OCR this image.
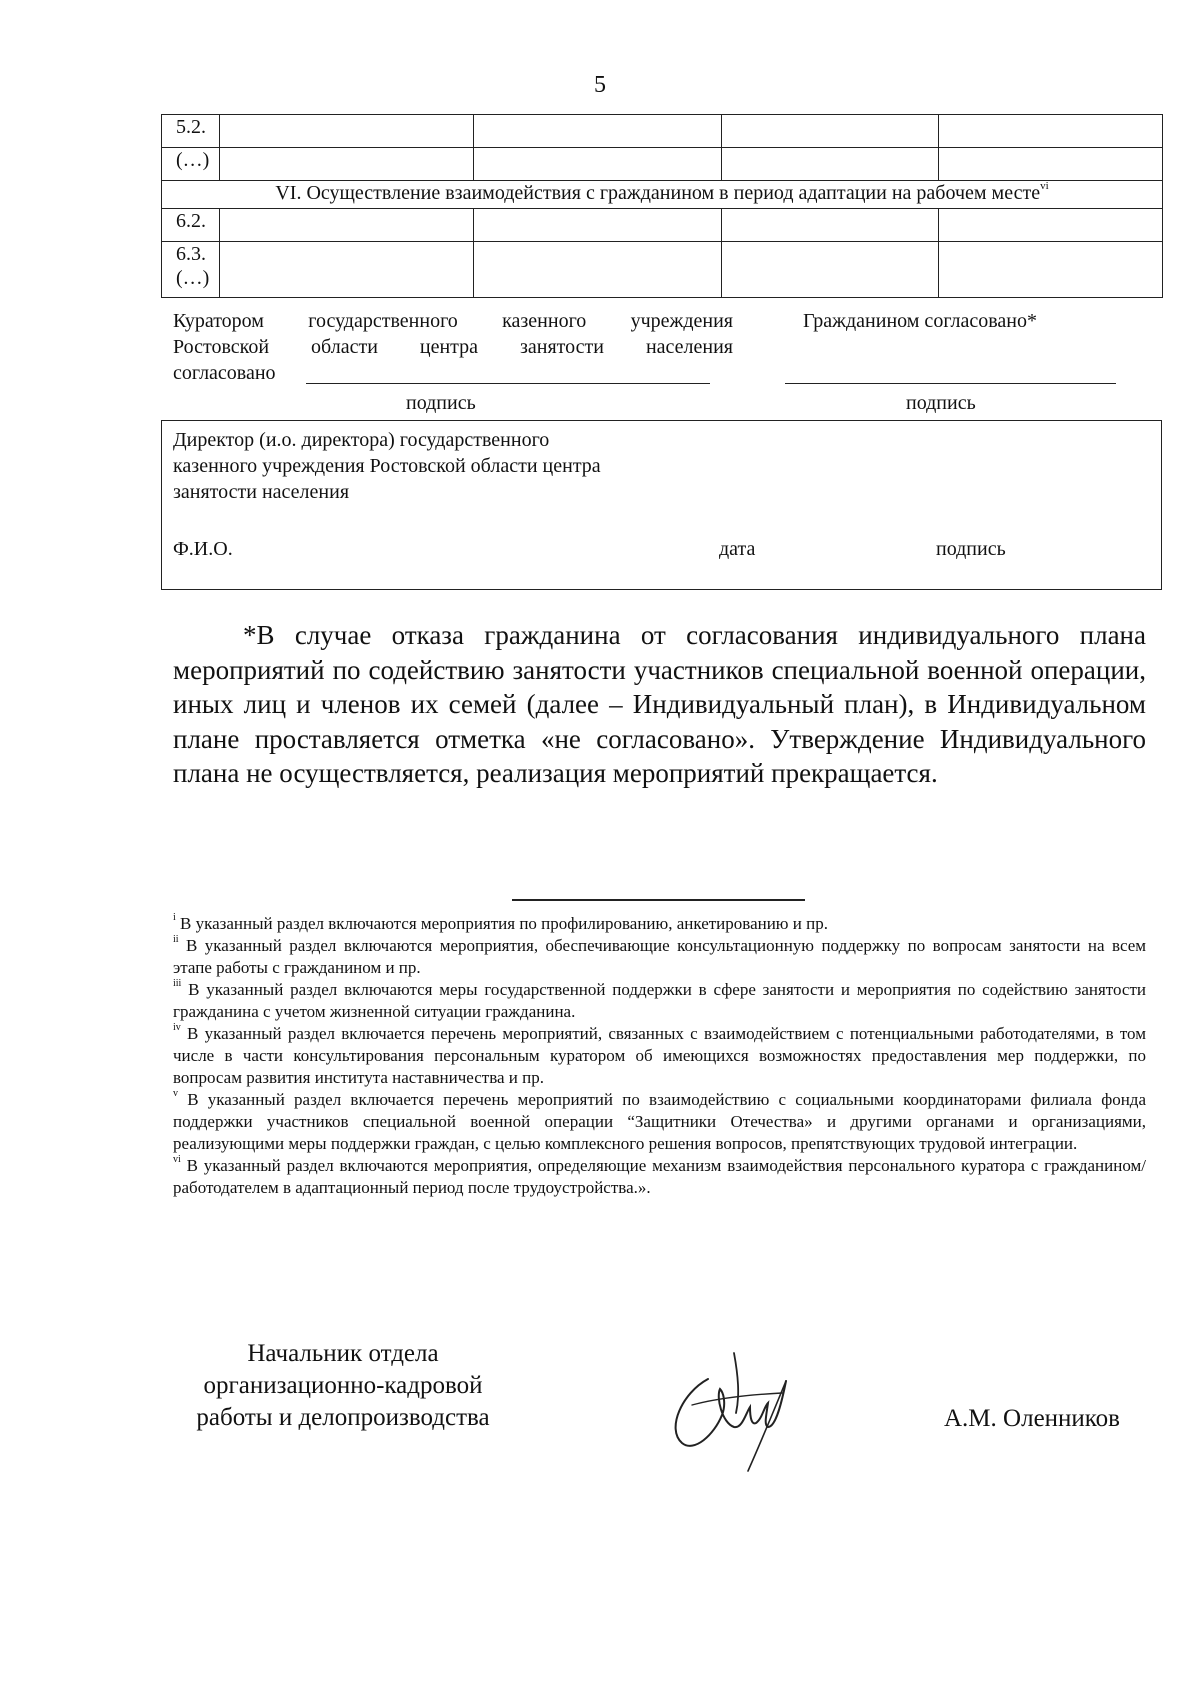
5
5.2.				
(…)				
VI. Осуществление взаимодействия с гражданином в период адаптации на рабочем месте$^{vi}$
6.2.				

6.3.
(…)				

Куратором государственного казенного учреждения
Ростовской области центра занятости населения
согласовано
Гражданином согласовано*
подпись	подпись
Директор (и.о. директора) государственного
казенного учреждения Ростовской области центра
занятости населения
Ф.И.О.	дата	подпись
*В случае отказа гражданина от согласования индивидуального плана мероприятий по содействию занятости участников специальной военной операции, иных лиц и членов их семей (далее – Индивидуальный план), в Индивидуальном плане проставляется отметка «не согласовано». Утверждение Индивидуального плана не осуществляется, реализация мероприятий прекращается.

$^i$ В указанный раздел включаются мероприятия по профилированию, анкетированию и пр.

$^{ii}$ В указанный раздел включаются мероприятия, обеспечивающие консультационную поддержку по вопросам занятости на всем этапе работы с гражданином и пр.

$^{iii}$ В указанный раздел включаются меры государственной поддержки в сфере занятости и мероприятия по содействию занятости гражданина с учетом жизненной ситуации гражданина.

$^{iv}$ В указанный раздел включается перечень мероприятий, связанных с взаимодействием с потенциальными работодателями, в том числе в части консультирования персональным куратором об имеющихся возможностях предоставления мер поддержки, по вопросам развития института наставничества и пр.

$^v$ В указанный раздел включается перечень мероприятий по взаимодействию с социальными координаторами филиала фонда поддержки участников специальной военной операции “Защитники Отечества» и другими органами и организациями, реализующими меры поддержки граждан, с целью комплексного решения вопросов, препятствующих трудовой интеграции.

$^{vi}$ В указанный раздел включаются мероприятия, определяющие механизм взаимодействия персонального куратора с гражданином/работодателем в адаптационный период после трудоустройства.».

Начальник отдела
организационно-кадровой
работы и делопроизводства	А.М. Оленников
